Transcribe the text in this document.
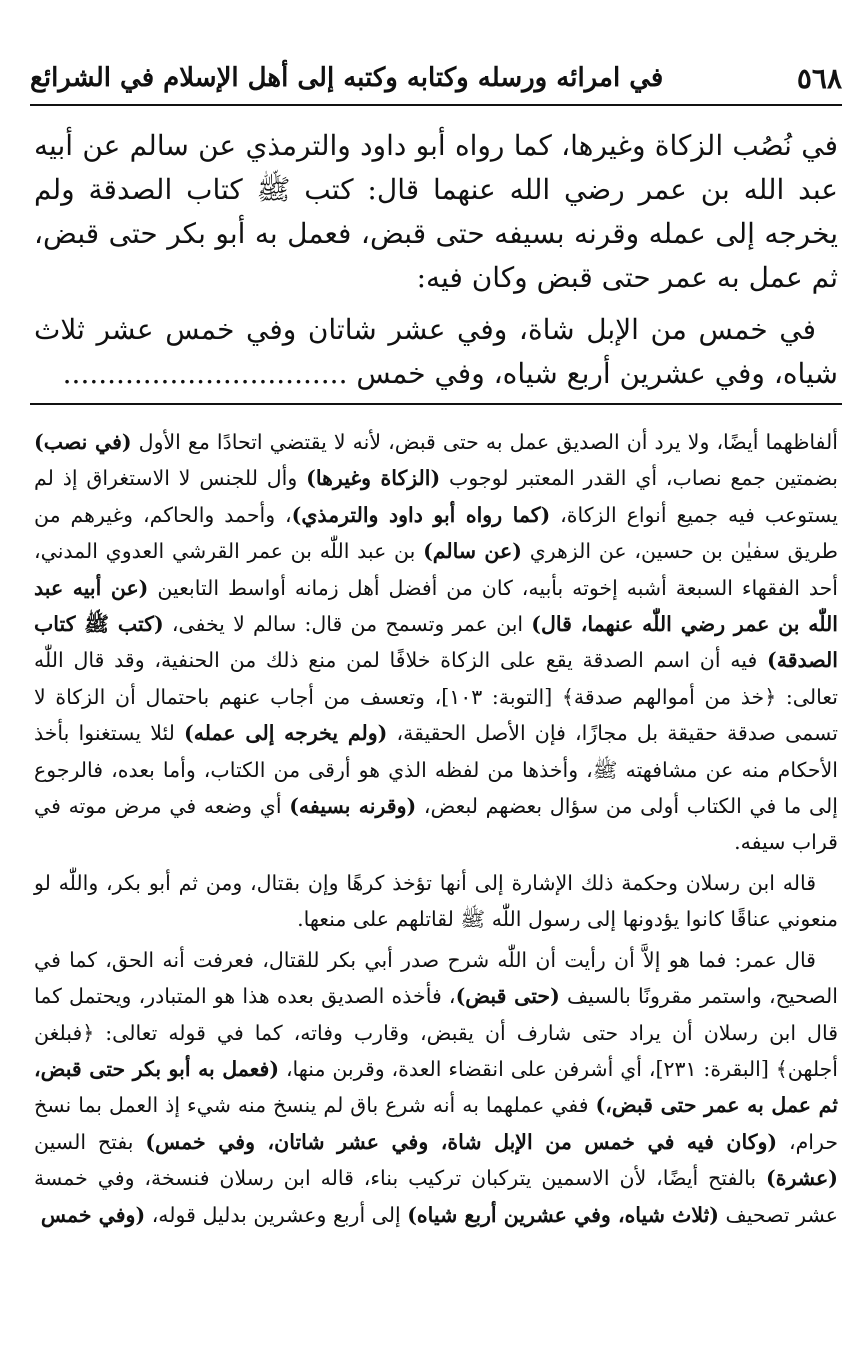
٥٦٨
في امرائه ورسله وكتابه وكتبه إلى أهل الإسلام في الشرائع

في نُصُب الزكاة وغيرها، كما رواه أبو داود والترمذي عن سالم عن أبيه عبد الله بن عمر رضي الله عنهما قال: كتب ﷺ كتاب الصدقة ولم يخرجه إلى عمله وقرنه بسيفه حتى قبض، فعمل به أبو بكر حتى قبض، ثم عمل به عمر حتى قبض وكان فيه:

في خمس من الإبل شاة، وفي عشر شاتان وفي خمس عشر ثلاث شياه، وفي عشرين أربع شياه، وفي خمس ................................

ألفاظهما أيضًا، ولا يرد أن الصديق عمل به حتى قبض، لأنه لا يقتضي اتحادًا مع الأول (في نصب) بضمتين جمع نصاب، أي القدر المعتبر لوجوب (الزكاة وغيرها) وأل للجنس لا الاستغراق إذ لم يستوعب فيه جميع أنواع الزكاة، (كما رواه أبو داود والترمذي)، وأحمد والحاكم، وغيرهم من طريق سفيٰن بن حسين، عن الزهري (عن سالم) بن عبد اللّٰه بن عمر القرشي العدوي المدني، أحد الفقهاء السبعة أشبه إخوته بأبيه، كان من أفضل أهل زمانه أواسط التابعين (عن أبيه عبد اللّٰه بن عمر رضي اللّٰه عنهما، قال) ابن عمر وتسمح من قال: سالم لا يخفى، (كتب ﷺ كتاب الصدقة) فيه أن اسم الصدقة يقع على الزكاة خلافًا لمن منع ذلك من الحنفية، وقد قال اللّٰه تعالى: ﴿خذ من أموالهم صدقة﴾ [التوبة: ١٠٣]، وتعسف من أجاب عنهم باحتمال أن الزكاة لا تسمى صدقة حقيقة بل مجازًا، فإن الأصل الحقيقة، (ولم يخرجه إلى عمله) لئلا يستغنوا بأخذ الأحكام منه عن مشافهته ﷺ، وأخذها من لفظه الذي هو أرقى من الكتاب، وأما بعده، فالرجوع إلى ما في الكتاب أولى من سؤال بعضهم لبعض، (وقرنه بسيفه) أي وضعه في مرض موته في قراب سيفه.

قاله ابن رسلان وحكمة ذلك الإشارة إلى أنها تؤخذ كرهًا وإن بقتال، ومن ثم أبو بكر، واللّٰه لو منعوني عناقًا كانوا يؤدونها إلى رسول اللّٰه ﷺ لقاتلهم على منعها.

قال عمر: فما هو إلاَّ أن رأيت أن اللّٰه شرح صدر أبي بكر للقتال، فعرفت أنه الحق، كما في الصحيح، واستمر مقرونًا بالسيف (حتى قبض)، فأخذه الصديق بعده هذا هو المتبادر، ويحتمل كما قال ابن رسلان أن يراد حتى شارف أن يقبض، وقارب وفاته، كما في قوله تعالى: ﴿فبلغن أجلهن﴾ [البقرة: ٢٣١]، أي أشرفن على انقضاء العدة، وقربن منها، (فعمل به أبو بكر حتى قبض، ثم عمل به عمر حتى قبض،) ففي عملهما به أنه شرع باق لم ينسخ منه شيء إذ العمل بما نسخ حرام، (وكان فيه في خمس من الإبل شاة، وفي عشر شاتان، وفي خمس) بفتح السين (عشرة) بالفتح أيضًا، لأن الاسمين يتركبان تركيب بناء، قاله ابن رسلان فنسخة، وفي خمسة عشر تصحيف (ثلاث شياه، وفي عشرين أربع شياه) إلى أربع وعشرين بدليل قوله، (وفي خمس
